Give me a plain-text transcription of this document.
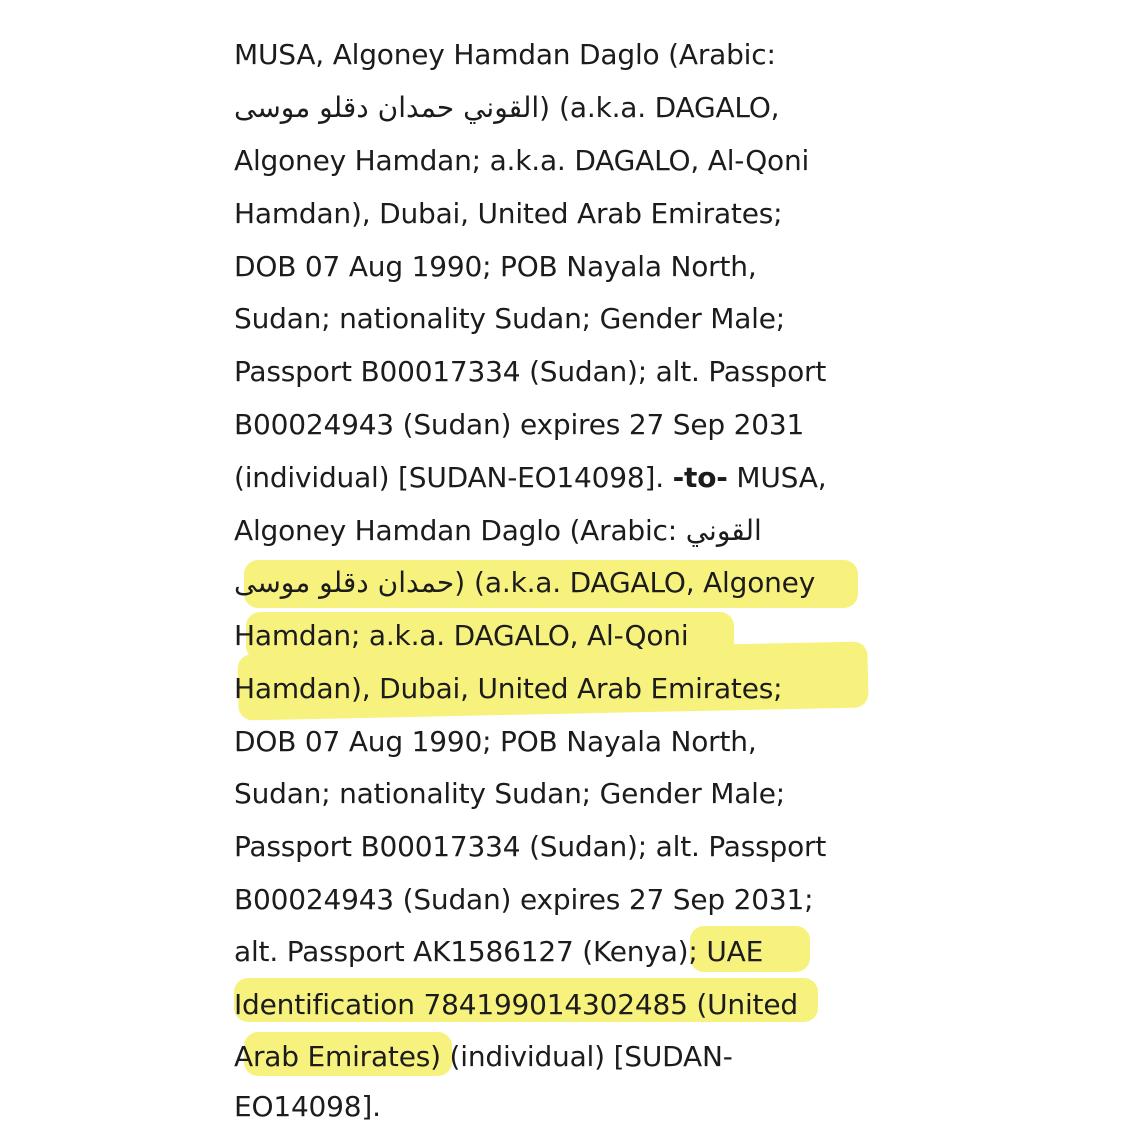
MUSA, Algoney Hamdan Daglo (Arabic:
القوني حمدان دقلو موسى) (a.k.a. DAGALO,
Algoney Hamdan; a.k.a. DAGALO, Al-Qoni
Hamdan), Dubai, United Arab Emirates;
DOB 07 Aug 1990; POB Nayala North,
Sudan; nationality Sudan; Gender Male;
Passport B00017334 (Sudan); alt. Passport
B00024943 (Sudan) expires 27 Sep 2031
(individual) [SUDAN-EO14098]. -to- MUSA,
Algoney Hamdan Daglo (Arabic: القوني
حمدان دقلو موسى) (a.k.a. DAGALO, Algoney
Hamdan; a.k.a. DAGALO, Al-Qoni
Hamdan), Dubai, United Arab Emirates;
DOB 07 Aug 1990; POB Nayala North,
Sudan; nationality Sudan; Gender Male;
Passport B00017334 (Sudan); alt. Passport
B00024943 (Sudan) expires 27 Sep 2031;
alt. Passport AK1586127 (Kenya); UAE
Identification 784199014302485 (United
Arab Emirates) (individual) [SUDAN-
EO14098].
